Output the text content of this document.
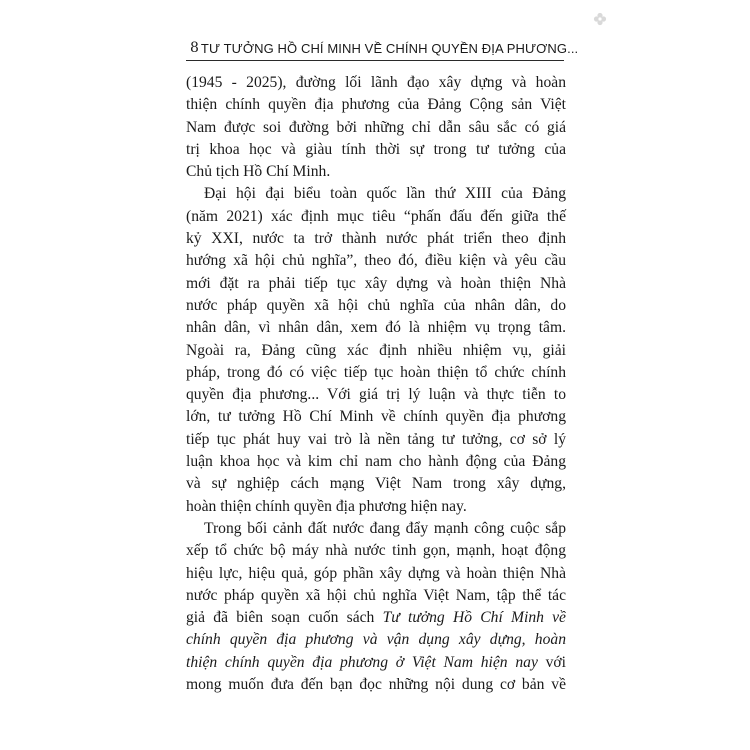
8 TƯ TƯỞNG HỒ CHÍ MINH VỀ CHÍNH QUYỀN ĐỊA PHƯƠNG...

(1945 - 2025), đường lối lãnh đạo xây dựng và hoàn
thiện chính quyền địa phương của Đảng Cộng sản Việt
Nam được soi đường bởi những chỉ dẫn sâu sắc có giá
trị khoa học và giàu tính thời sự trong tư tưởng của
Chủ tịch Hồ Chí Minh.

Đại hội đại biểu toàn quốc lần thứ XIII của Đảng
(năm 2021) xác định mục tiêu “phấn đấu đến giữa thế
kỷ XXI, nước ta trở thành nước phát triển theo định
hướng xã hội chủ nghĩa”, theo đó, điều kiện và yêu cầu
mới đặt ra phải tiếp tục xây dựng và hoàn thiện Nhà
nước pháp quyền xã hội chủ nghĩa của nhân dân, do
nhân dân, vì nhân dân, xem đó là nhiệm vụ trọng tâm.
Ngoài ra, Đảng cũng xác định nhiều nhiệm vụ, giải
pháp, trong đó có việc tiếp tục hoàn thiện tổ chức chính
quyền địa phương... Với giá trị lý luận và thực tiễn to
lớn, tư tưởng Hồ Chí Minh về chính quyền địa phương
tiếp tục phát huy vai trò là nền tảng tư tưởng, cơ sở lý
luận khoa học và kim chỉ nam cho hành động của Đảng
và sự nghiệp cách mạng Việt Nam trong xây dựng,
hoàn thiện chính quyền địa phương hiện nay.

Trong bối cảnh đất nước đang đẩy mạnh công cuộc sắp
xếp tổ chức bộ máy nhà nước tinh gọn, mạnh, hoạt động
hiệu lực, hiệu quả, góp phần xây dựng và hoàn thiện Nhà
nước pháp quyền xã hội chủ nghĩa Việt Nam, tập thể tác
giả đã biên soạn cuốn sách Tư tưởng Hồ Chí Minh về
chính quyền địa phương và vận dụng xây dựng, hoàn
thiện chính quyền địa phương ở Việt Nam hiện nay với
mong muốn đưa đến bạn đọc những nội dung cơ bản về
